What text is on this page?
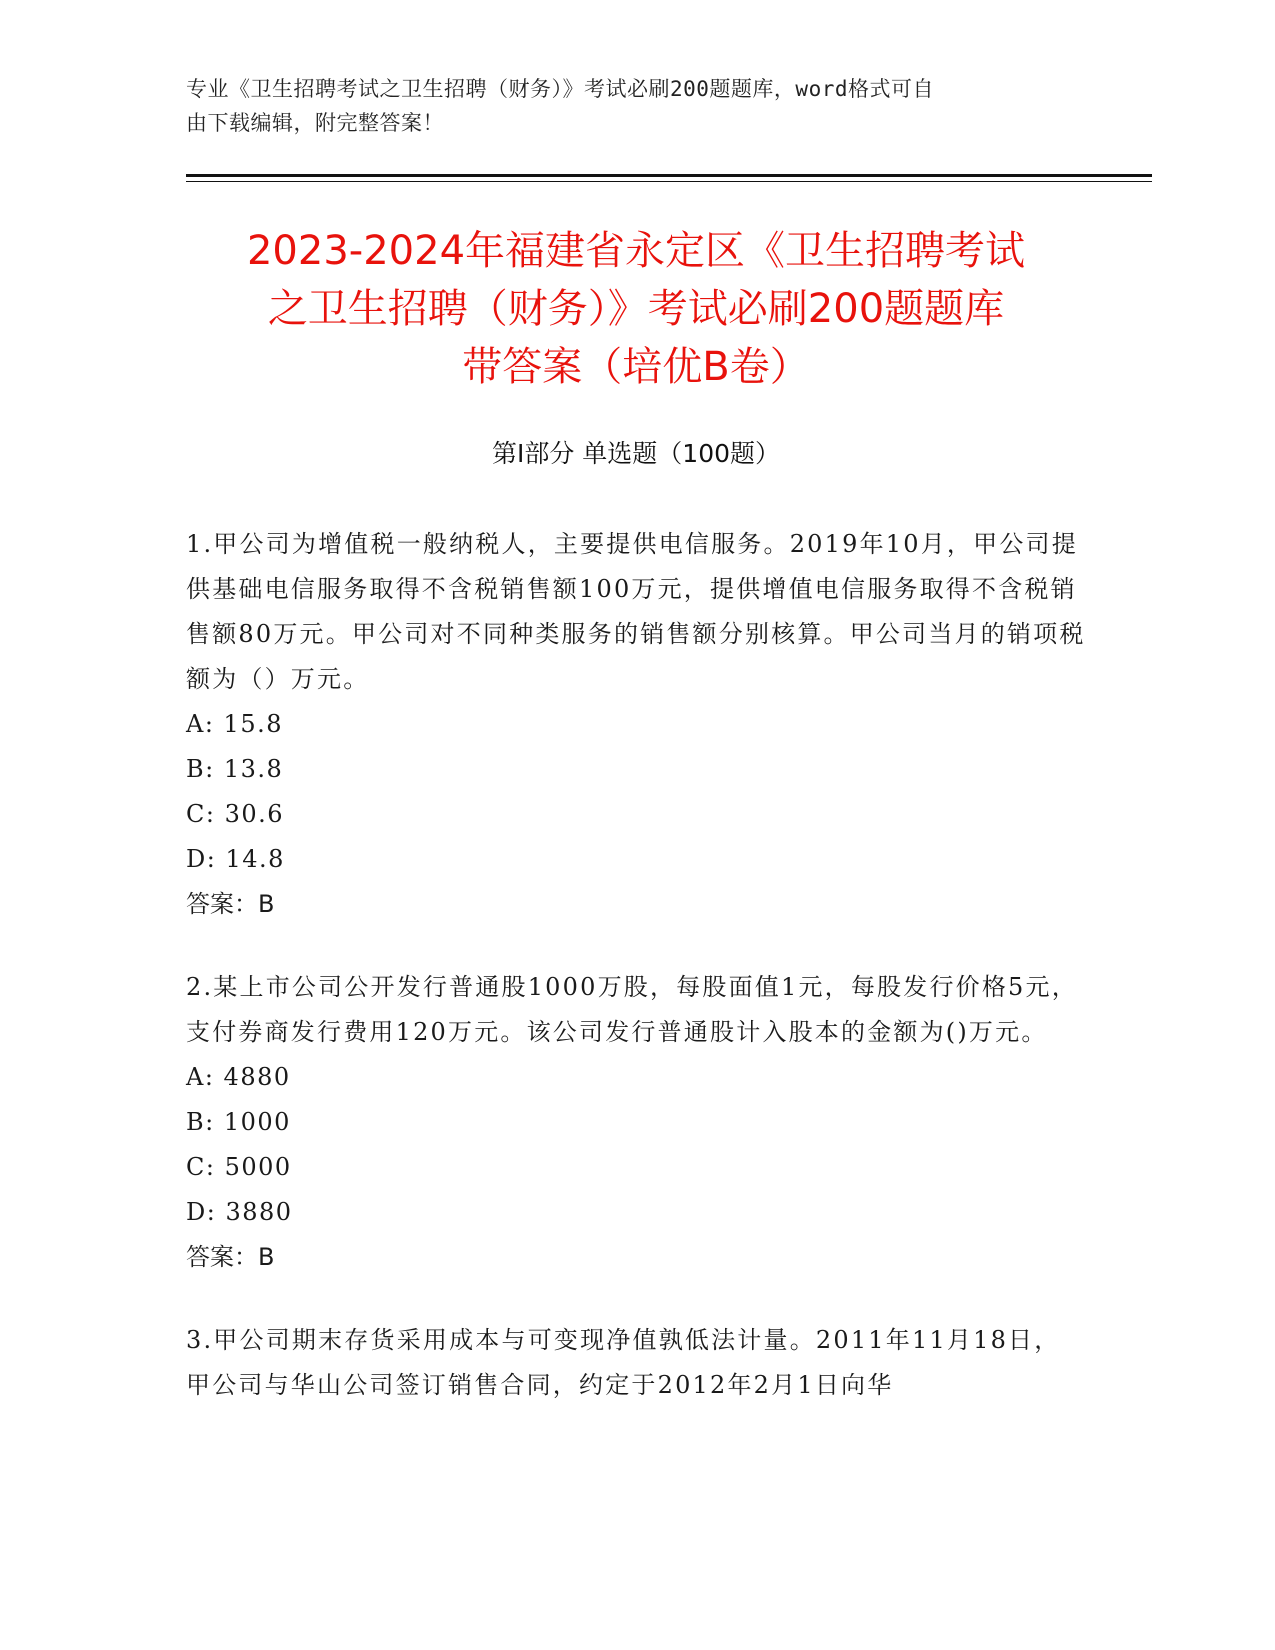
专业《卫生招聘考试之卫生招聘（财务）》考试必刷200题题库，word格式可自
由下载编辑，附完整答案！
2023-2024年福建省永定区《卫生招聘考试
之卫生招聘（财务）》考试必刷200题题库
带答案（培优B卷）
第I部分 单选题（100题）
1.甲公司为增值税一般纳税人，主要提供电信服务。2019年10月，甲公司提供基础电信服务取得不含税销售额100万元，提供增值电信服务取得不含税销售额80万元。甲公司对不同种类服务的销售额分别核算。甲公司当月的销项税额为（）万元。
A: 15.8
B: 13.8
C: 30.6
D: 14.8
答案：B
2.某上市公司公开发行普通股1000万股，每股面值1元，每股发行价格5元，支付券商发行费用120万元。该公司发行普通股计入股本的金额为()万元。
A: 4880
B: 1000
C: 5000
D: 3880
答案：B
3.甲公司期末存货采用成本与可变现净值孰低法计量。2011年11月18日，甲公司与华山公司签订销售合同，约定于2012年2月1日向华
